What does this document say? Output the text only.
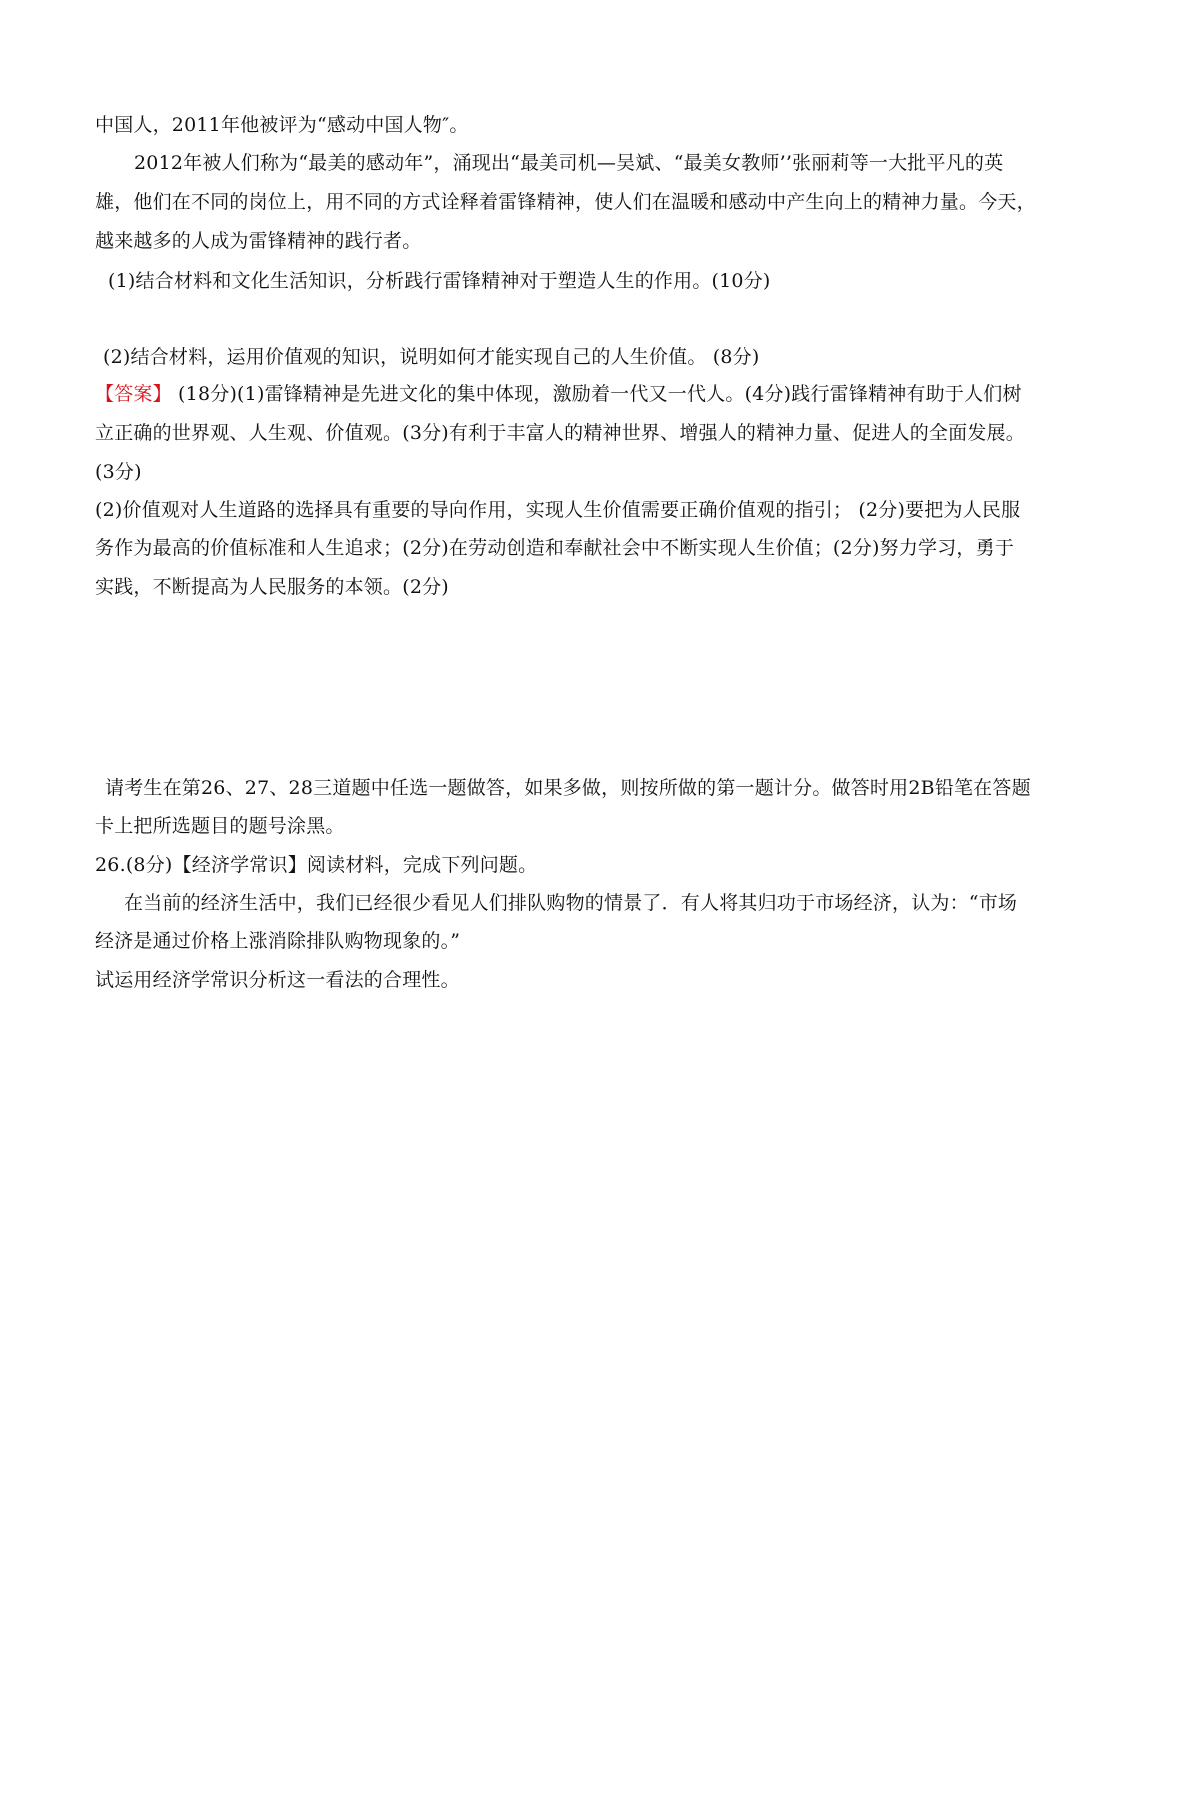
中国人，2011年他被评为“感动中国人物″。
2012年被人们称为“最美的感动年”，涌现出“最美司机—吴斌、“最美女教师’’张丽莉等一大批平凡的英
雄，他们在不同的岗位上，用不同的方式诠释着雷锋精神，使人们在温暖和感动中产生向上的精神力量。今天，
越来越多的人成为雷锋精神的践行者。
(1)结合材料和文化生活知识，分析践行雷锋精神对于塑造人生的作用。(10分)
(2)结合材料，运用价值观的知识，说明如何才能实现自己的人生价值。 (8分)
【答案】 (18分)(1)雷锋精神是先进文化的集中体现，激励着一代又一代人。(4分)践行雷锋精神有助于人们树
立正确的世界观、人生观、价值观。(3分)有利于丰富人的精神世界、增强人的精神力量、促进人的全面发展。
(3分)
(2)价值观对人生道路的选择具有重要的导向作用，实现人生价值需要正确价值观的指引； (2分)要把为人民服
务作为最高的价值标准和人生追求；(2分)在劳动创造和奉献社会中不断实现人生价值；(2分)努力学习，勇于
实践，不断提高为人民服务的本领。(2分)
请考生在第26、27、28三道题中任选一题做答，如果多做，则按所做的第一题计分。做答时用2B铅笔在答题
卡上把所选题目的题号涂黑。
26.(8分)【经济学常识】阅读材料，完成下列问题。
在当前的经济生活中，我们已经很少看见人们排队购物的情景了．有人将其归功于市场经济，认为：“市场
经济是通过价格上涨消除排队购物现象的。”
试运用经济学常识分析这一看法的合理性。
